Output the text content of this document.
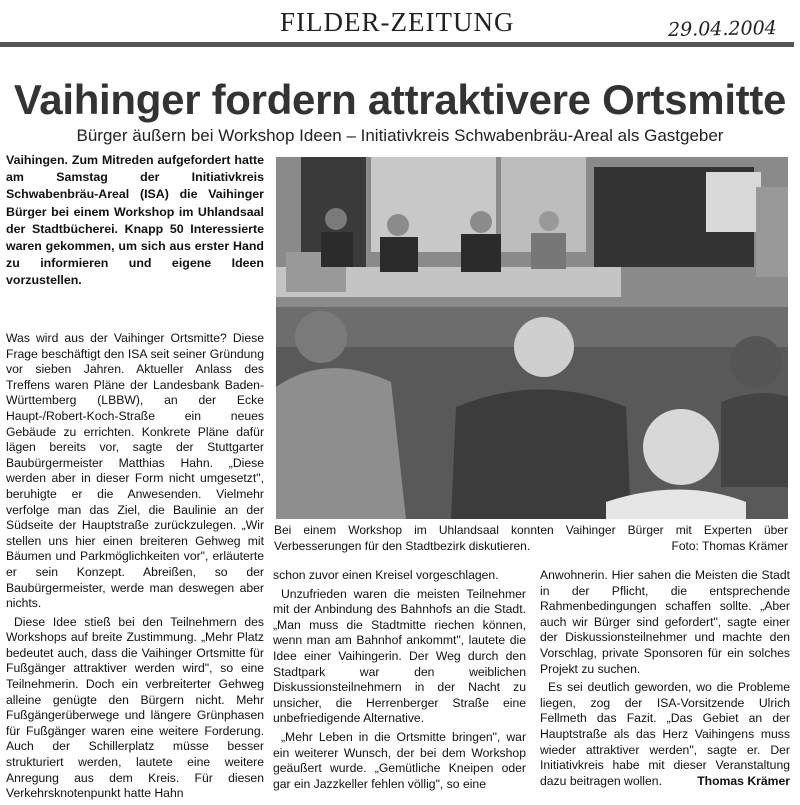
FILDER-ZEITUNG	29.04.2004
Vaihinger fordern attraktivere Ortsmitte
Bürger äußern bei Workshop Ideen – Initiativkreis Schwabenbräu-Areal als Gastgeber
Vaihingen. Zum Mitreden aufgefordert hatte am Samstag der Initiativkreis Schwabenbräu-Areal (ISA) die Vaihinger Bürger bei einem Workshop im Uhlandsaal der Stadtbücherei. Knapp 50 Interessierte waren gekommen, um sich aus erster Hand zu informieren und eigene Ideen vorzustellen.

Was wird aus der Vaihinger Ortsmitte? Diese Frage beschäftigt den ISA seit seiner Gründung vor sieben Jahren. Aktueller Anlass des Treffens waren Pläne der Landesbank Baden-Württemberg (LBBW), an der Ecke Haupt-/Robert-Koch-Straße ein neues Gebäude zu errichten. Konkrete Pläne dafür lägen bereits vor, sagte der Stuttgarter Baubürgermeister Matthias Hahn. „Diese werden aber in dieser Form nicht umgesetzt", beruhigte er die Anwesenden. Vielmehr verfolge man das Ziel, die Baulinie an der Südseite der Hauptstraße zurückzulegen. „Wir stellen uns hier einen breiteren Gehweg mit Bäumen und Parkmöglichkeiten vor", erläuterte er sein Konzept. Abreißen, so der Baubürgermeister, werde man deswegen aber nichts.

Diese Idee stieß bei den Teilnehmern des Workshops auf breite Zustimmung. „Mehr Platz bedeutet auch, dass die Vaihinger Ortsmitte für Fußgänger attraktiver werden wird", so eine Teilnehmerin. Doch ein verbreiterter Gehweg alleine genügte den Bürgern nicht. Mehr Fußgängerüberwege und längere Grünphasen für Fußgänger waren eine weitere Forderung. Auch der Schillerplatz müsse besser strukturiert werden, lautete eine weitere Anregung aus dem Kreis. Für diesen Verkehrsknotenpunkt hatte Hahn

Bei einem Workshop im Uhlandsaal konnten Vaihinger Bürger mit Experten über Verbesserungen für den Stadtbezirk diskutieren.	Foto: Thomas Krämer

schon zuvor einen Kreisel vorgeschlagen.

Unzufrieden waren die meisten Teilnehmer mit der Anbindung des Bahnhofs an die Stadt. „Man muss die Stadtmitte riechen können, wenn man am Bahnhof ankommt", lautete die Idee einer Vaihingerin. Der Weg durch den Stadtpark war den weiblichen Diskussionsteilnehmern in der Nacht zu unsicher, die Herrenberger Straße eine unbefriedigende Alternative.

„Mehr Leben in die Ortsmitte bringen", war ein weiterer Wunsch, der bei dem Workshop geäußert wurde. „Gemütliche Kneipen oder gar ein Jazzkeller fehlen völlig", so eine

Anwohnerin. Hier sahen die Meisten die Stadt in der Pflicht, die entsprechende Rahmenbedingungen schaffen sollte. „Aber auch wir Bürger sind gefordert", sagte einer der Diskussionsteilnehmer und machte den Vorschlag, private Sponsoren für ein solches Projekt zu suchen.

Es sei deutlich geworden, wo die Probleme liegen, zog der ISA-Vorsitzende Ulrich Fellmeth das Fazit. „Das Gebiet an der Hauptstraße als das Herz Vaihingens muss wieder attraktiver werden", sagte er. Der Initiativkreis habe mit dieser Veranstaltung dazu beitragen wollen.	Thomas Krämer
